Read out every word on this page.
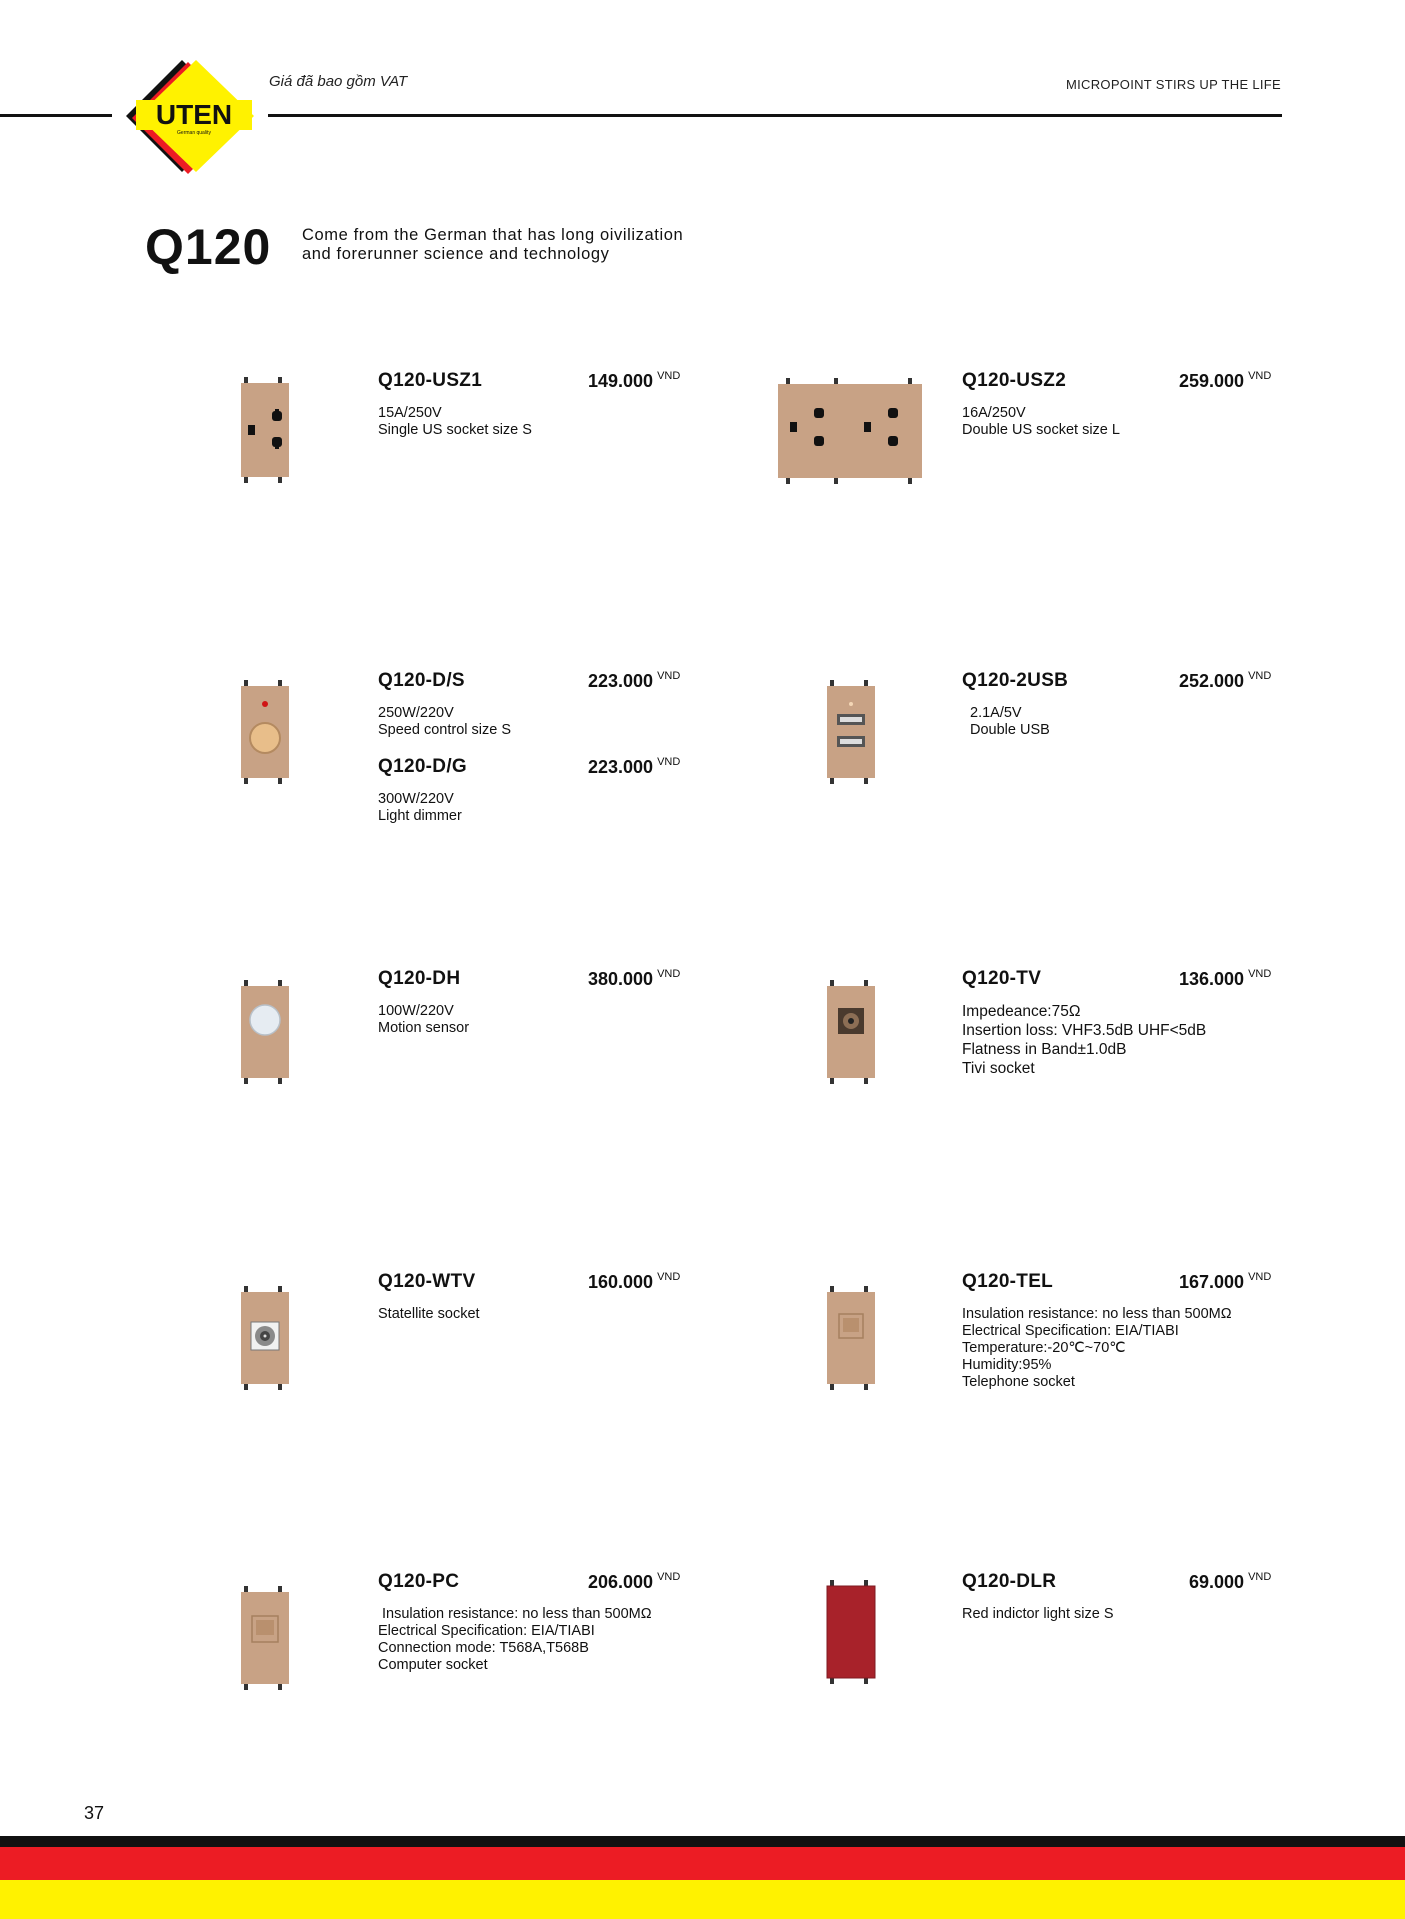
UTEN
German quality
Giá đã bao gồm VAT	MICROPOINT STIRS UP THE LIFE
Q120 Come from the German that has long oivilization
and forerunner science and technology
Q120-USZ1	149.000 $^{VND}$
15A/250V
Single US socket size S
Q120-USZ2	259.000 $^{VND}$
16A/250V
Double US socket size L
Q120-D/S	223.000 $^{VND}$
250W/220V
Speed control size S
Q120-D/G	223.000 $^{VND}$
300W/220V
Light dimmer
Q120-2USB	252.000 $^{VND}$
2.1A/5V
Double USB
Q120-DH	380.000 $^{VND}$
100W/220V
Motion sensor
Q120-TV	136.000 $^{VND}$
Impedeance:75Ω
Insertion loss: VHF3.5dB UHF<5dB
Flatness in Band±1.0dB
Tivi socket
Q120-WTV	160.000 $^{VND}$
Statellite socket
Q120-TEL	167.000 $^{VND}$
Insulation resistance: no less than 500MΩ
Electrical Specification: EIA/TIABI
Temperature:-20℃~70℃
Humidity:95%
Telephone socket
Q120-PC	206.000 $^{VND}$
Insulation resistance: no less than 500MΩ
Electrical Specification: EIA/TIABI
Connection mode: T568A,T568B
Computer socket
Q120-DLR	69.000 $^{VND}$
Red indictor light size S
37
